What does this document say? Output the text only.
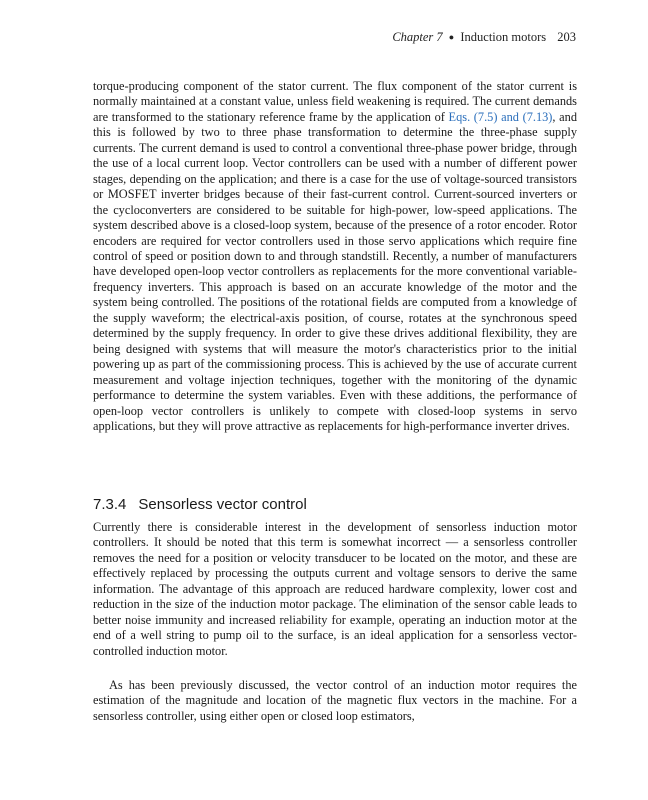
Chapter 7 ● Induction motors 203

torque-producing component of the stator current. The flux component of the stator current is normally maintained at a constant value, unless field weakening is required. The current demands are transformed to the stationary reference frame by the application of Eqs. (7.5) and (7.13), and this is followed by two to three phase transformation to determine the three-phase supply currents. The current demand is used to control a conventional three-phase power bridge, through the use of a local current loop. Vector controllers can be used with a number of different power stages, depending on the application; and there is a case for the use of voltage-sourced transistors or MOSFET inverter bridges because of their fast-current control. Current-sourced inverters or the cycloconverters are considered to be suitable for high-power, low-speed applications. The system described above is a closed-loop system, because of the presence of a rotor encoder. Rotor encoders are required for vector controllers used in those servo applications which require fine control of speed or position down to and through standstill. Recently, a number of manufacturers have developed open-loop vector controllers as replacements for the more conventional variable-frequency inverters. This approach is based on an accurate knowledge of the motor and the system being controlled. The positions of the rotational fields are computed from a knowledge of the supply waveform; the electrical-axis position, of course, rotates at the synchronous speed determined by the supply frequency. In order to give these drives additional flexibility, they are being designed with systems that will measure the motor's characteristics prior to the initial powering up as part of the commissioning process. This is achieved by the use of accurate current measurement and voltage injection techniques, together with the monitoring of the dynamic performance to determine the system variables. Even with these additions, the performance of open-loop vector controllers is unlikely to compete with closed-loop systems in servo applications, but they will prove attractive as replacements for high-performance inverter drives.

7.3.4 Sensorless vector control

Currently there is considerable interest in the development of sensorless induction motor controllers. It should be noted that this term is somewhat incorrect — a sensorless controller removes the need for a position or velocity transducer to be located on the motor, and these are effectively replaced by processing the outputs current and voltage sensors to derive the same information. The advantage of this approach are reduced hardware complexity, lower cost and reduction in the size of the induction motor package. The elimination of the sensor cable leads to better noise immunity and increased reliability for example, operating an induction motor at the end of a well string to pump oil to the surface, is an ideal application for a sensorless vector-controlled induction motor.

As has been previously discussed, the vector control of an induction motor requires the estimation of the magnitude and location of the magnetic flux vectors in the machine. For a sensorless controller, using either open or closed loop estimators,
